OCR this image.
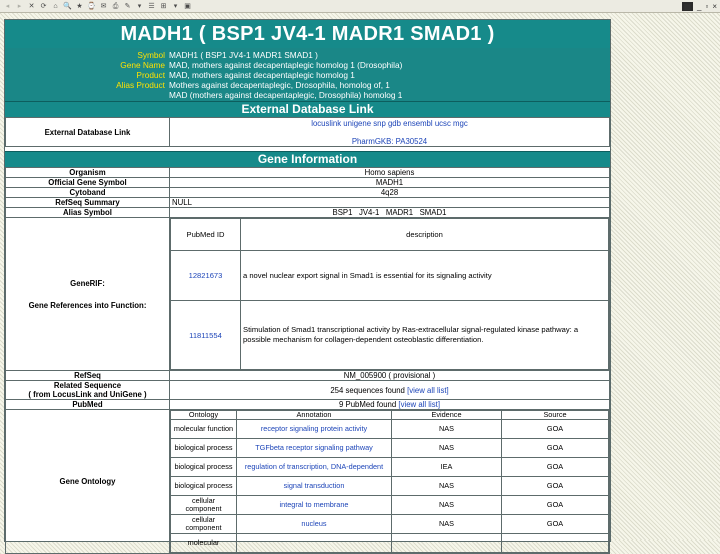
◂	▸	✕ ⟳ ⌂ 🔍 ★ ⌚ ✉ ⎙ ✎	▾	☰ ⊞	▾ ▣	▦ _ ▫ ×
MADH1 ( BSP1 JV4-1 MADR1 SMAD1 )
Symbol MADH1 ( BSP1 JV4-1 MADR1 SMAD1 )
Gene Name MAD, mothers against decapentaplegic homolog 1 (Drosophila)
Product MAD, mothers against decapentaplegic homolog 1
Alias Product Mothers against decapentaplegic, Drosophila, homolog of, 1
MAD (mothers against decapentaplegic, Drosophila) homolog 1
External Database Link
External Database Link	locuslink unigene snp gdb ensembl ucsc mgc

PharmGKB: PA30524
Gene Information
Organism	Homo sapiens
Official Gene Symbol	MADH1
Cytoband	4q28
RefSeq Summary	NULL
Alias Symbol	BSP1   JV4-1   MADR1   SMAD1

GeneRIF:
Gene References into Function:

PubMed ID	description
12821673	a novel nuclear export signal in Smad1 is essential for its signaling activity
11811554	Stimulation of Smad1 transcriptional activity by Ras-extracellular signal-regulated kinase pathway: a possible mechanism for collagen-dependent osteoblastic differentiation.

RefSeq	NM_005900 ( provisional )

Related Sequence
( from LocusLink and UniGene )	254 sequences found [view all list]
PubMed	9 PubMed found [view all list]
Gene Ontology	
Ontology	Annotation	Evidence	Source
molecular function	receptor signaling protein activity	NAS	GOA
biological process	TGFbeta receptor signaling pathway	NAS	GOA
biological process	regulation of transcription, DNA-dependent	IEA	GOA
biological process	signal transduction	NAS	GOA
cellular component	integral to membrane	NAS	GOA
cellular component	nucleus	NAS	GOA
molecular			
